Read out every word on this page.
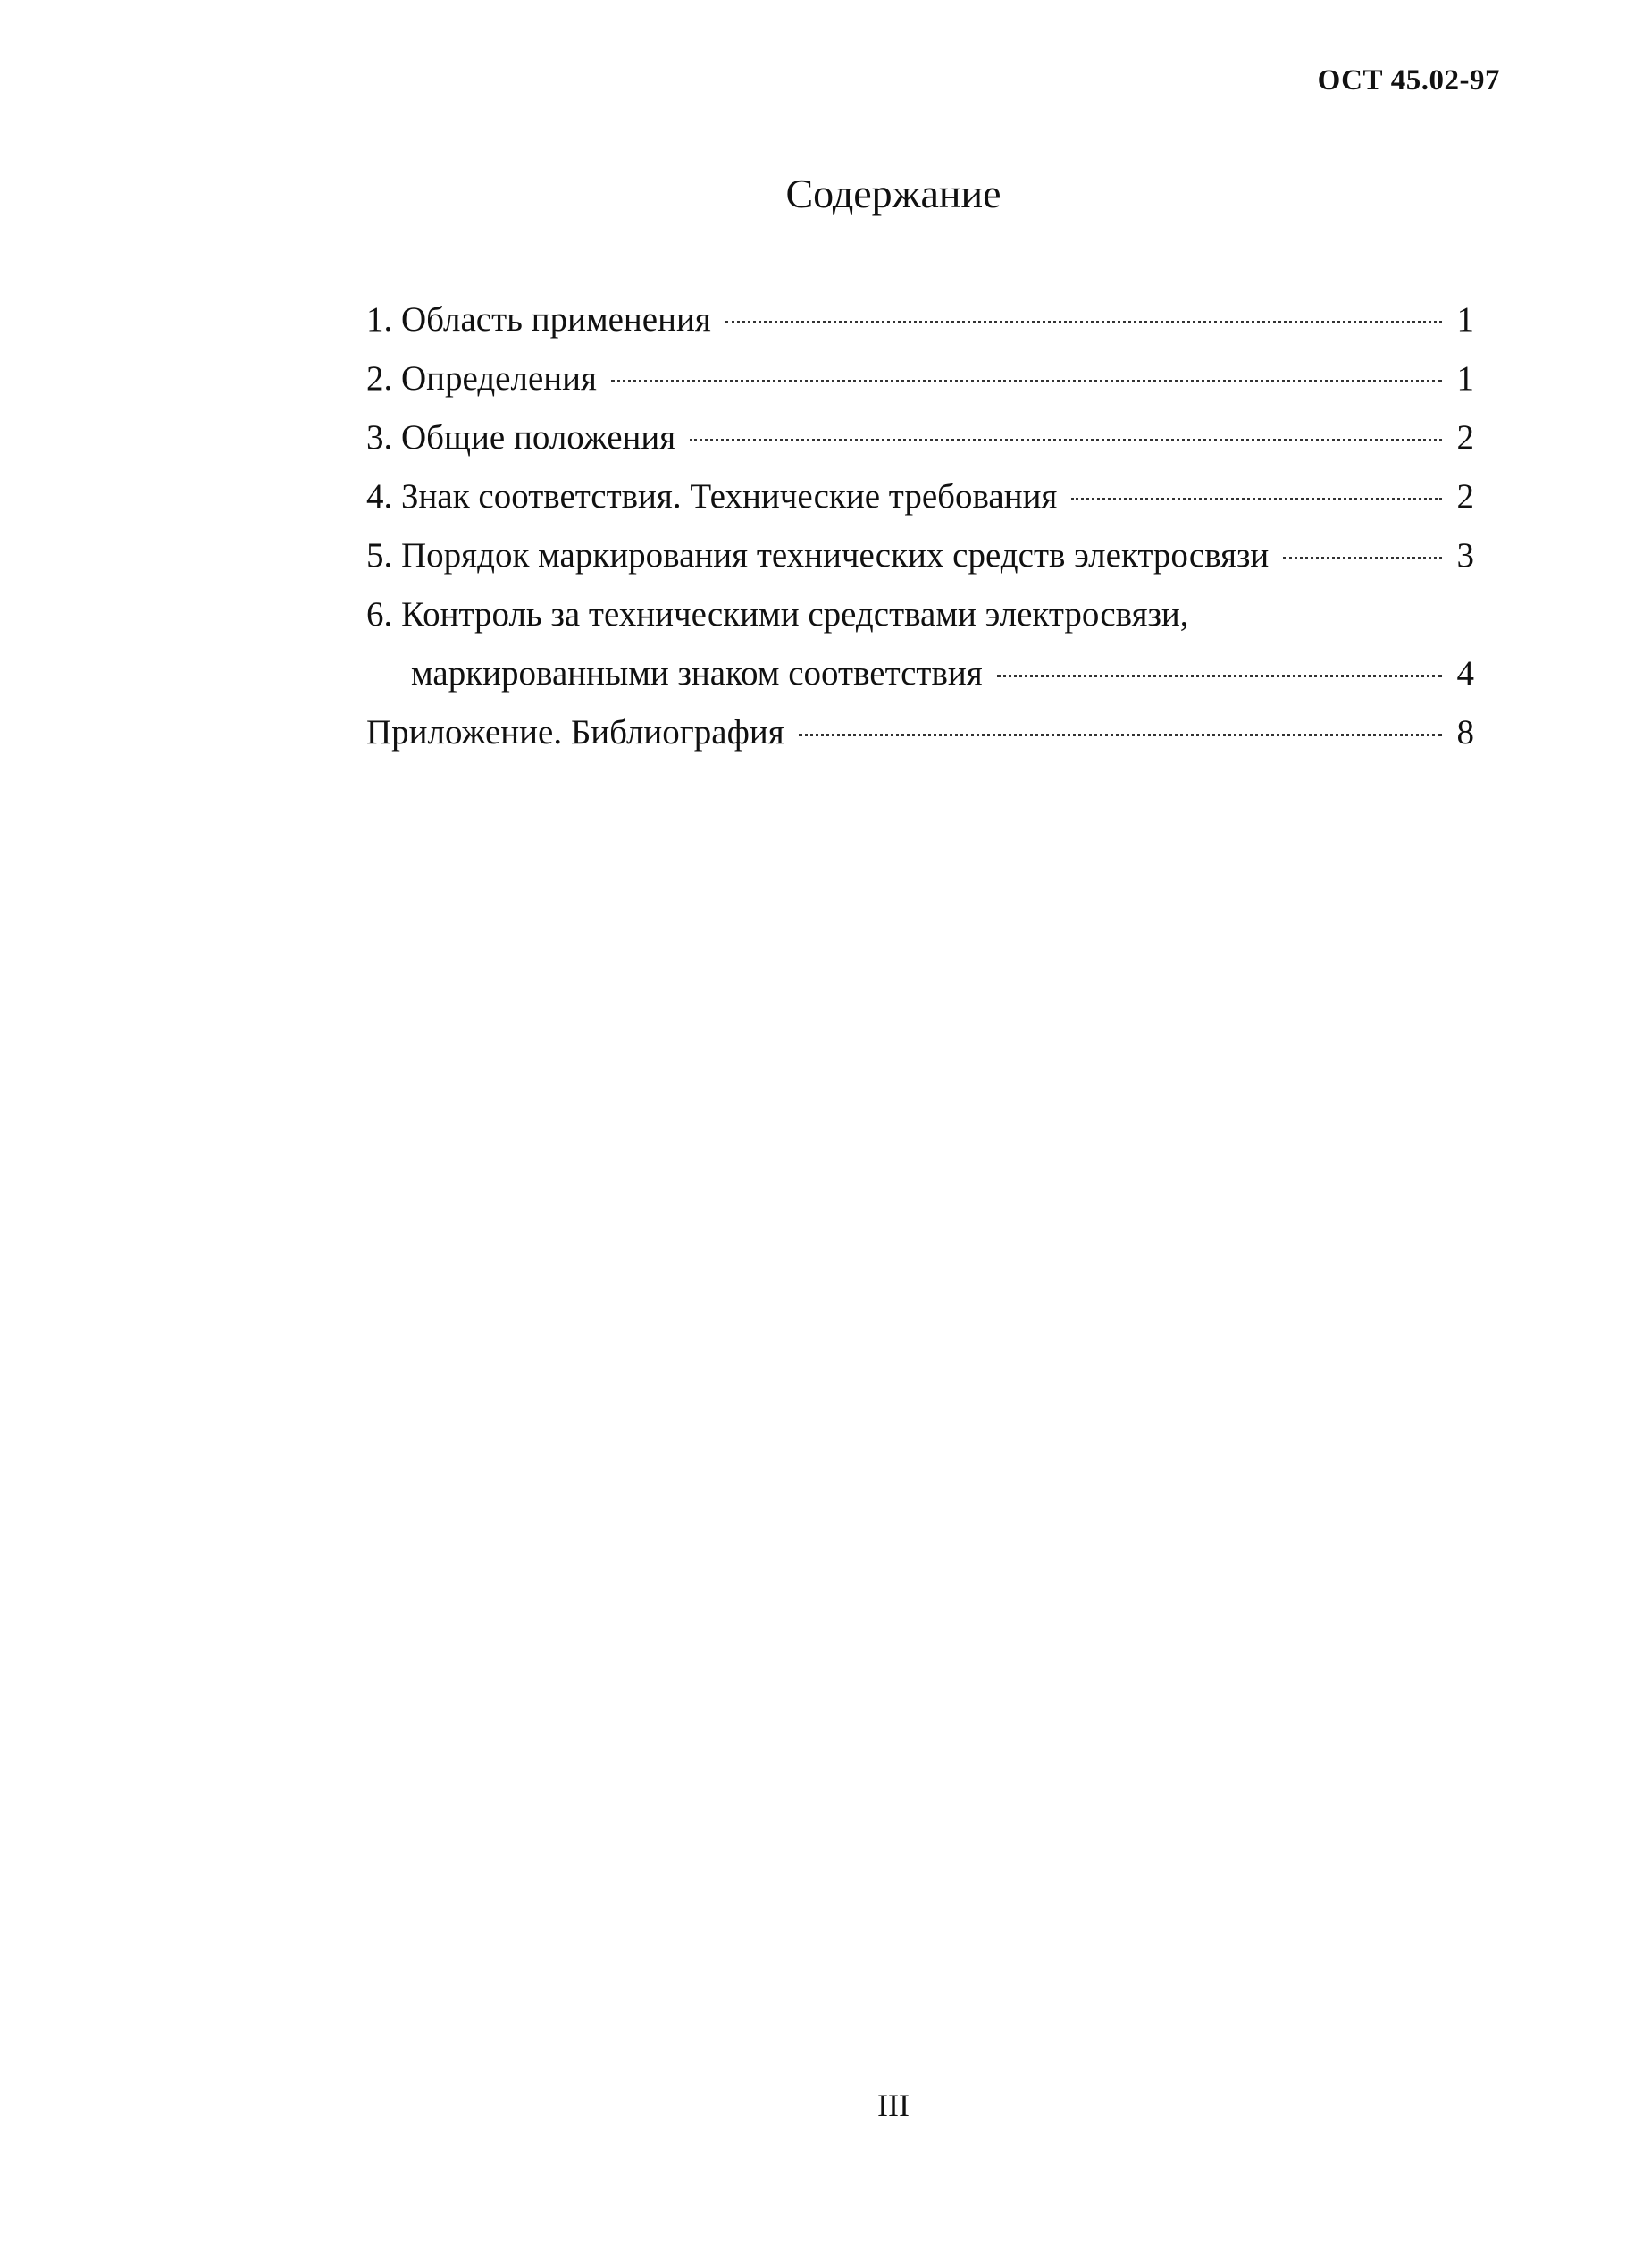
ОСТ 45.02-97
Содержание
1. Область применения	1
2. Определения	1
3. Общие положения	2
4. Знак соответствия. Технические требования	2
5. Порядок маркирования технических средств электросвязи	3
6. Контроль за техническими средствами электросвязи,
маркированными знаком соответствия	4
Приложение. Библиография	8
III
